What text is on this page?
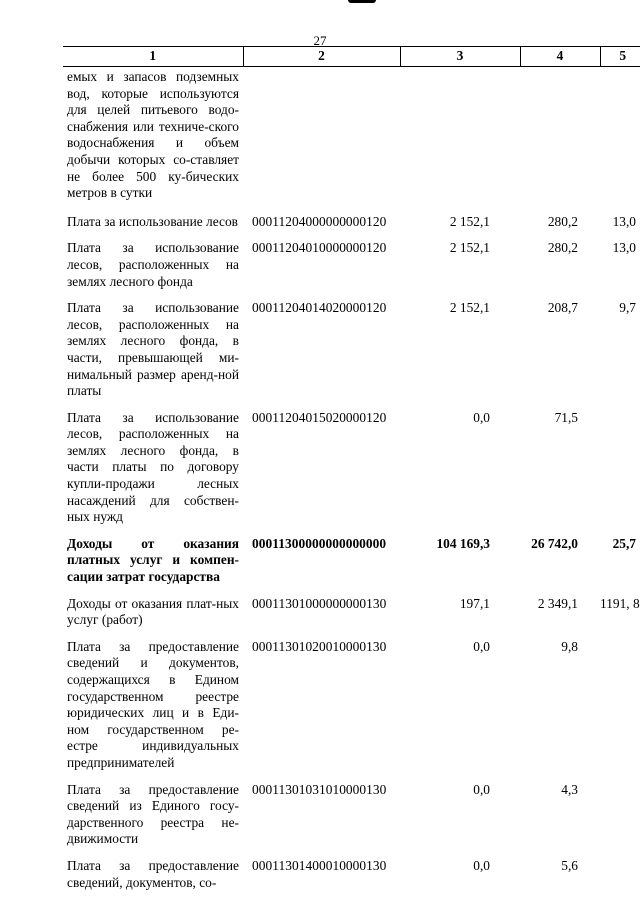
27
1	2	3	4	5
емых и запасов подземных вод, которые используются для целей питьевого водо-снабжения или техниче-ского водоснабжения и объем добычи которых со-ставляет не более 500 ку-бических метров в сутки				
Плата за использование лесов	00011204000000000120	2 152,1	280,2	13,0
Плата за использование лесов, расположенных на землях лесного фонда	00011204010000000120	2 152,1	280,2	13,0
Плата за использование лесов, расположенных на землях лесного фонда, в части, превышающей ми-нимальный размер аренд-ной платы	00011204014020000120	2 152,1	208,7	9,7
Плата за использование лесов, расположенных на землях лесного фонда, в части платы по договору купли-продажи лесных насаждений для собствен-ных нужд	00011204015020000120	0,0	71,5	
Доходы от оказания платных услуг и компен-сации затрат государства	00011300000000000000	104 169,3	26 742,0	25,7
Доходы от оказания плат-ных услуг (работ)	00011301000000000130	197,1	2 349,1	1191, 8
Плата за предоставление сведений и документов, содержащихся в Едином государственном реестре юридических лиц и в Еди-ном государственном ре-естре индивидуальных предпринимателей	00011301020010000130	0,0	9,8	
Плата за предоставление сведений из Единого госу-дарственного реестра не-движимости	00011301031010000130	0,0	4,3	
Плата за предоставление сведений, документов, со-	00011301400010000130	0,0	5,6	
